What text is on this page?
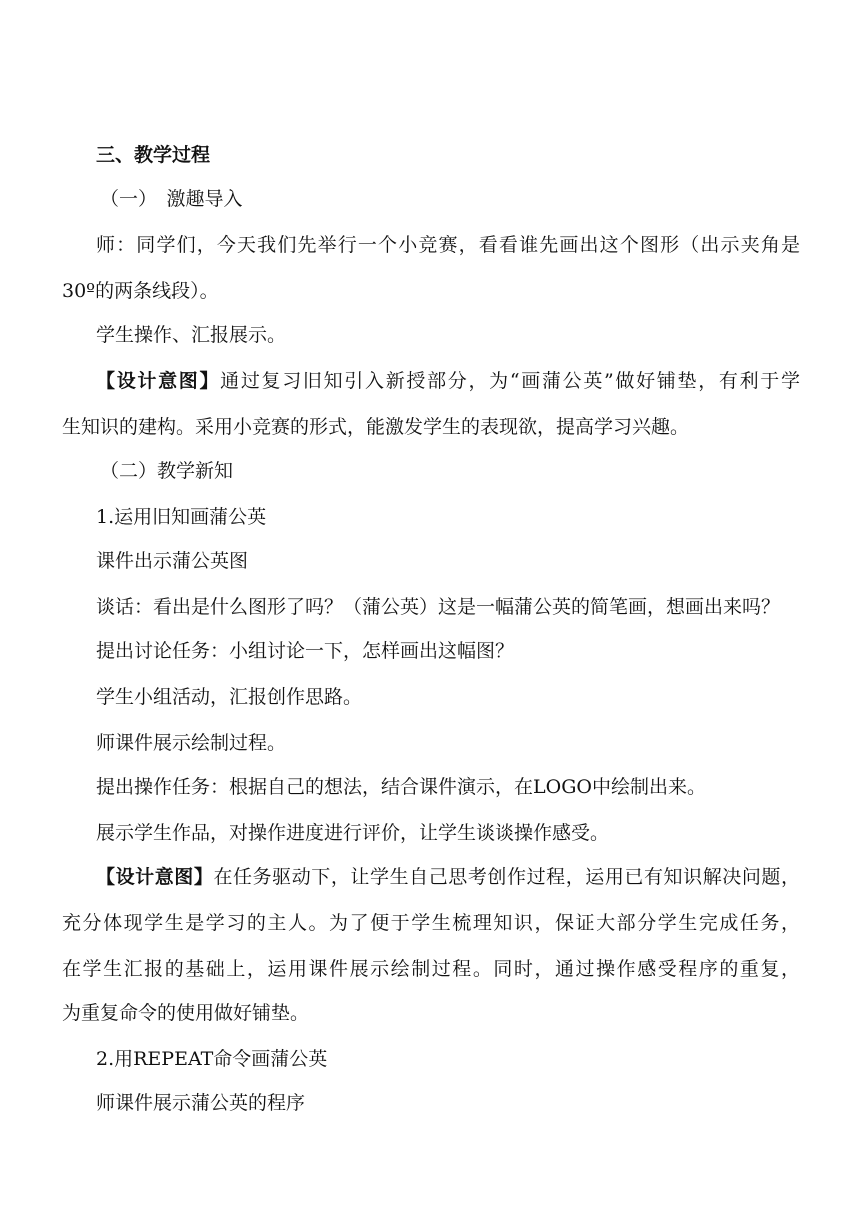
三、教学过程
（一）　激趣导入
师：同学们，今天我们先举行一个小竞赛，看看谁先画出这个图形（出示夹角是
30º的两条线段）。
学生操作、汇报展示。
【设计意图】通过复习旧知引入新授部分，为“画蒲公英”做好铺垫，有利于学
生知识的建构。采用小竞赛的形式，能激发学生的表现欲，提高学习兴趣。
（二）教学新知
1.运用旧知画蒲公英
课件出示蒲公英图
谈话：看出是什么图形了吗？（蒲公英）这是一幅蒲公英的简笔画，想画出来吗？
提出讨论任务：小组讨论一下，怎样画出这幅图？
学生小组活动，汇报创作思路。
师课件展示绘制过程。
提出操作任务：根据自己的想法，结合课件演示，在LOGO中绘制出来。
展示学生作品，对操作进度进行评价，让学生谈谈操作感受。
【设计意图】在任务驱动下，让学生自己思考创作过程，运用已有知识解决问题，
充分体现学生是学习的主人。为了便于学生梳理知识，保证大部分学生完成任务，
在学生汇报的基础上，运用课件展示绘制过程。同时，通过操作感受程序的重复，
为重复命令的使用做好铺垫。
2.用REPEAT命令画蒲公英
师课件展示蒲公英的程序
